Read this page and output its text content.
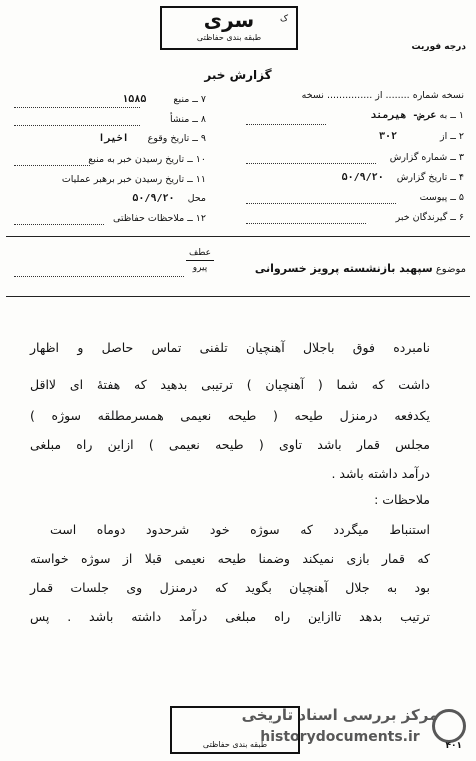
سری
طبقه بندی حفاظتی
ک
درجه فوریت
گزارش خبر
نسخه شماره ........ از ............... نسخه
۱ ــ به عرض- هیرمند
۲ ــ از ۳۰۲
۳ ــ شماره گزارش
۴ ــ تاریخ گزارش ۵۰/۹/۲۰
۵ ــ پیوست
۶ ــ گیرندگان خبر
۷ ــ منبع ۱۵۸۵
۸ ــ منشأ
۹ ــ تاریخ وقوع اخیرا
۱۰ ــ تاریخ رسیدن خبر به منبع
۱۱ ــ تاریخ رسیدن خبر برهبر عملیات
محل ۵۰/۹/۲۰
۱۲ ــ ملاحظات حفاظتی
عطف
پیرو	موضوع سپهبد بازنشسته پرویز خسروانی
نامبرده فوق باجلال آهنچیان تلفنی تماس حاصل و اظهار
داشت که شما ( آهنچیان ) ترتیبی بدهید که هفتهٔ ای لااقل
یکدفعه درمنزل طیحه ( طیحه نعیمی همسرمطلقه سوژه )
مجلس قمار باشد تاوی ( طیحه نعیمی ) ازاین راه مبلغی
درآمد داشته باشد .
ملاحظات :
استنباط میگردد که سوژه خود شرحدود دوماه است
که قمار بازی نمیکند وضمنا طیحه نعیمی قبلا از سوژه خواسته
بود به جلال آهنچیان بگوید که درمنزل وی جلسات قمار
ترتیب بدهد تاازاین راه مبلغی درآمد داشته باشد . پس
طبقه بندی حفاظتی
مرکز بررسی اسناد تاریخی
historydocuments.ir
۴۰۱
